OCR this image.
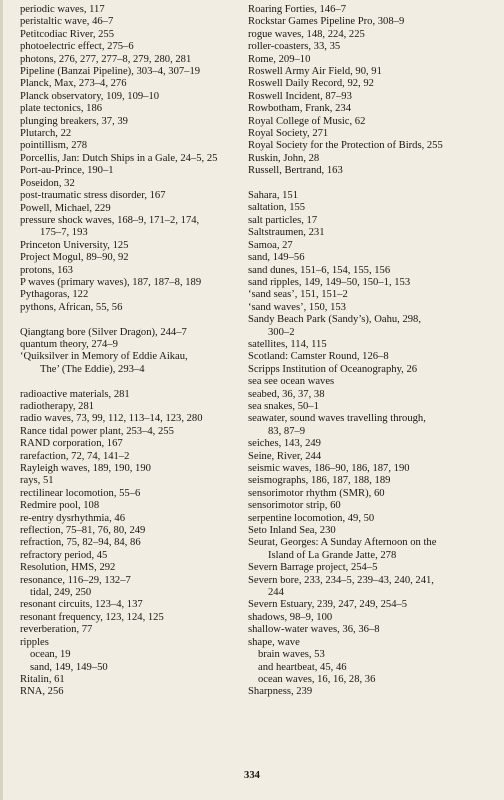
periodic waves, 117
peristaltic wave, 46–7
Petitcodiac River, 255
photoelectric effect, 275–6
photons, 276, 277, 277–8, 279, 280, 281
Pipeline (Banzai Pipeline), 303–4, 307–19
Planck, Max, 273–4, 276
Planck observatory, 109, 109–10
plate tectonics, 186
plunging breakers, 37, 39
Plutarch, 22
pointillism, 278
Porcellis, Jan: Dutch Ships in a Gale, 24–5, 25
Port-au-Prince, 190–1
Poseidon, 32
post-traumatic stress disorder, 167
Powell, Michael, 229
pressure shock waves, 168–9, 171–2, 174,
175–7, 193
Princeton University, 125
Project Mogul, 89–90, 92
protons, 163
P waves (primary waves), 187, 187–8, 189
Pythagoras, 122
pythons, African, 55, 56
Qiangtang bore (Silver Dragon), 244–7
quantum theory, 274–9
‘Quiksilver in Memory of Eddie Aikau,
The’ (The Eddie), 293–4
radioactive materials, 281
radiotherapy, 281
radio waves, 73, 99, 112, 113–14, 123, 280
Rance tidal power plant, 253–4, 255
RAND corporation, 167
rarefaction, 72, 74, 141–2
Rayleigh waves, 189, 190, 190
rays, 51
rectilinear locomotion, 55–6
Redmire pool, 108
re-entry dysrhythmia, 46
reflection, 75–81, 76, 80, 249
refraction, 75, 82–94, 84, 86
refractory period, 45
Resolution, HMS, 292
resonance, 116–29, 132–7
tidal, 249, 250
resonant circuits, 123–4, 137
resonant frequency, 123, 124, 125
reverberation, 77
ripples
ocean, 19
sand, 149, 149–50
Ritalin, 61
RNA, 256
Roaring Forties, 146–7
Rockstar Games Pipeline Pro, 308–9
rogue waves, 148, 224, 225
roller-coasters, 33, 35
Rome, 209–10
Roswell Army Air Field, 90, 91
Roswell Daily Record, 92, 92
Roswell Incident, 87–93
Rowbotham, Frank, 234
Royal College of Music, 62
Royal Society, 271
Royal Society for the Protection of Birds, 255
Ruskin, John, 28
Russell, Bertrand, 163
Sahara, 151
saltation, 155
salt particles, 17
Saltstraumen, 231
Samoa, 27
sand, 149–56
sand dunes, 151–6, 154, 155, 156
sand ripples, 149, 149–50, 150–1, 153
‘sand seas’, 151, 151–2
‘sand waves’, 150, 153
Sandy Beach Park (Sandy’s), Oahu, 298,
300–2
satellites, 114, 115
Scotland: Camster Round, 126–8
Scripps Institution of Oceanography, 26
sea see ocean waves
seabed, 36, 37, 38
sea snakes, 50–1
seawater, sound waves travelling through,
83, 87–9
seiches, 143, 249
Seine, River, 244
seismic waves, 186–90, 186, 187, 190
seismographs, 186, 187, 188, 189
sensorimotor rhythm (SMR), 60
sensorimotor strip, 60
serpentine locomotion, 49, 50
Seto Inland Sea, 230
Seurat, Georges: A Sunday Afternoon on the
Island of La Grande Jatte, 278
Severn Barrage project, 254–5
Severn bore, 233, 234–5, 239–43, 240, 241,
244
Severn Estuary, 239, 247, 249, 254–5
shadows, 98–9, 100
shallow-water waves, 36, 36–8
shape, wave
brain waves, 53
and heartbeat, 45, 46
ocean waves, 16, 16, 28, 36
Sharpness, 239
334
